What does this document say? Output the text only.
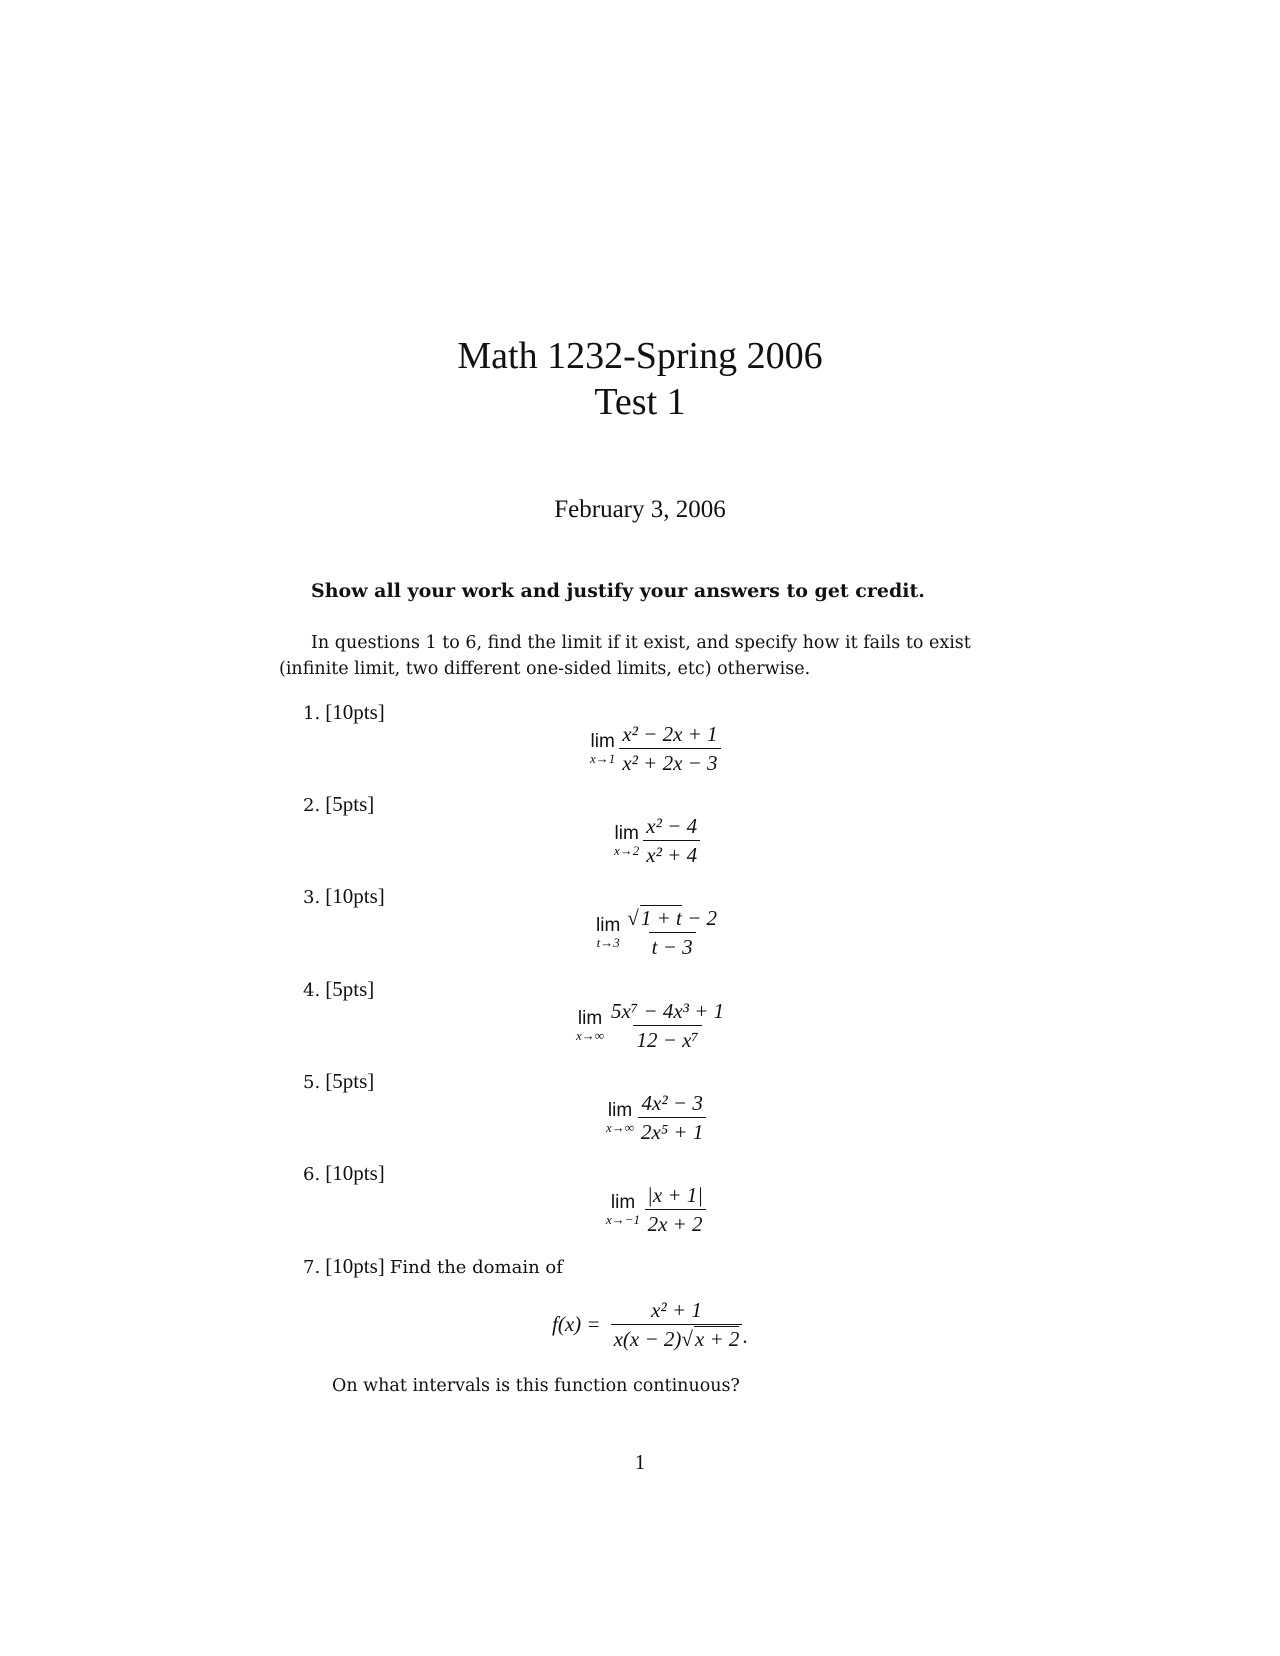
Math 1232-Spring 2006
Test 1
February 3, 2006
Show all your work and justify your answers to get credit.
In questions 1 to 6, find the limit if it exist, and specify how it fails to exist (infinite limit, two different one-sided limits, etc) otherwise.
1. [10pts]
lim
$x\to 1 \frac{\text{x² − 2x + 1}}{\text{x² + 2x − 3}}$
2. [5pts]
lim
$x\to 2 \frac{\text{x² − 4}}{\text{x² + 4}}$
3. [10pts]
lim
$t\to 3 \frac{√1 + t - 2}{t - 3}$
4. [5pts]
lim
$x\to\infty \frac{\text{5x⁷ − 4x³ + 1}}{\text{12 − x⁷}}$
5. [5pts]
lim
$x\to\infty \frac{\text{4x² − 3}}{\text{2x⁵ + 1}}$
6. [10pts]
lim
$x\to-1 \frac{|x + 1|}{2x + 2}$
7. [10pts] Find the domain of
$f(x) = \frac{\text{x² + 1}}{x(x - 2)√x + 2}$ .
On what intervals is this function continuous?
1
